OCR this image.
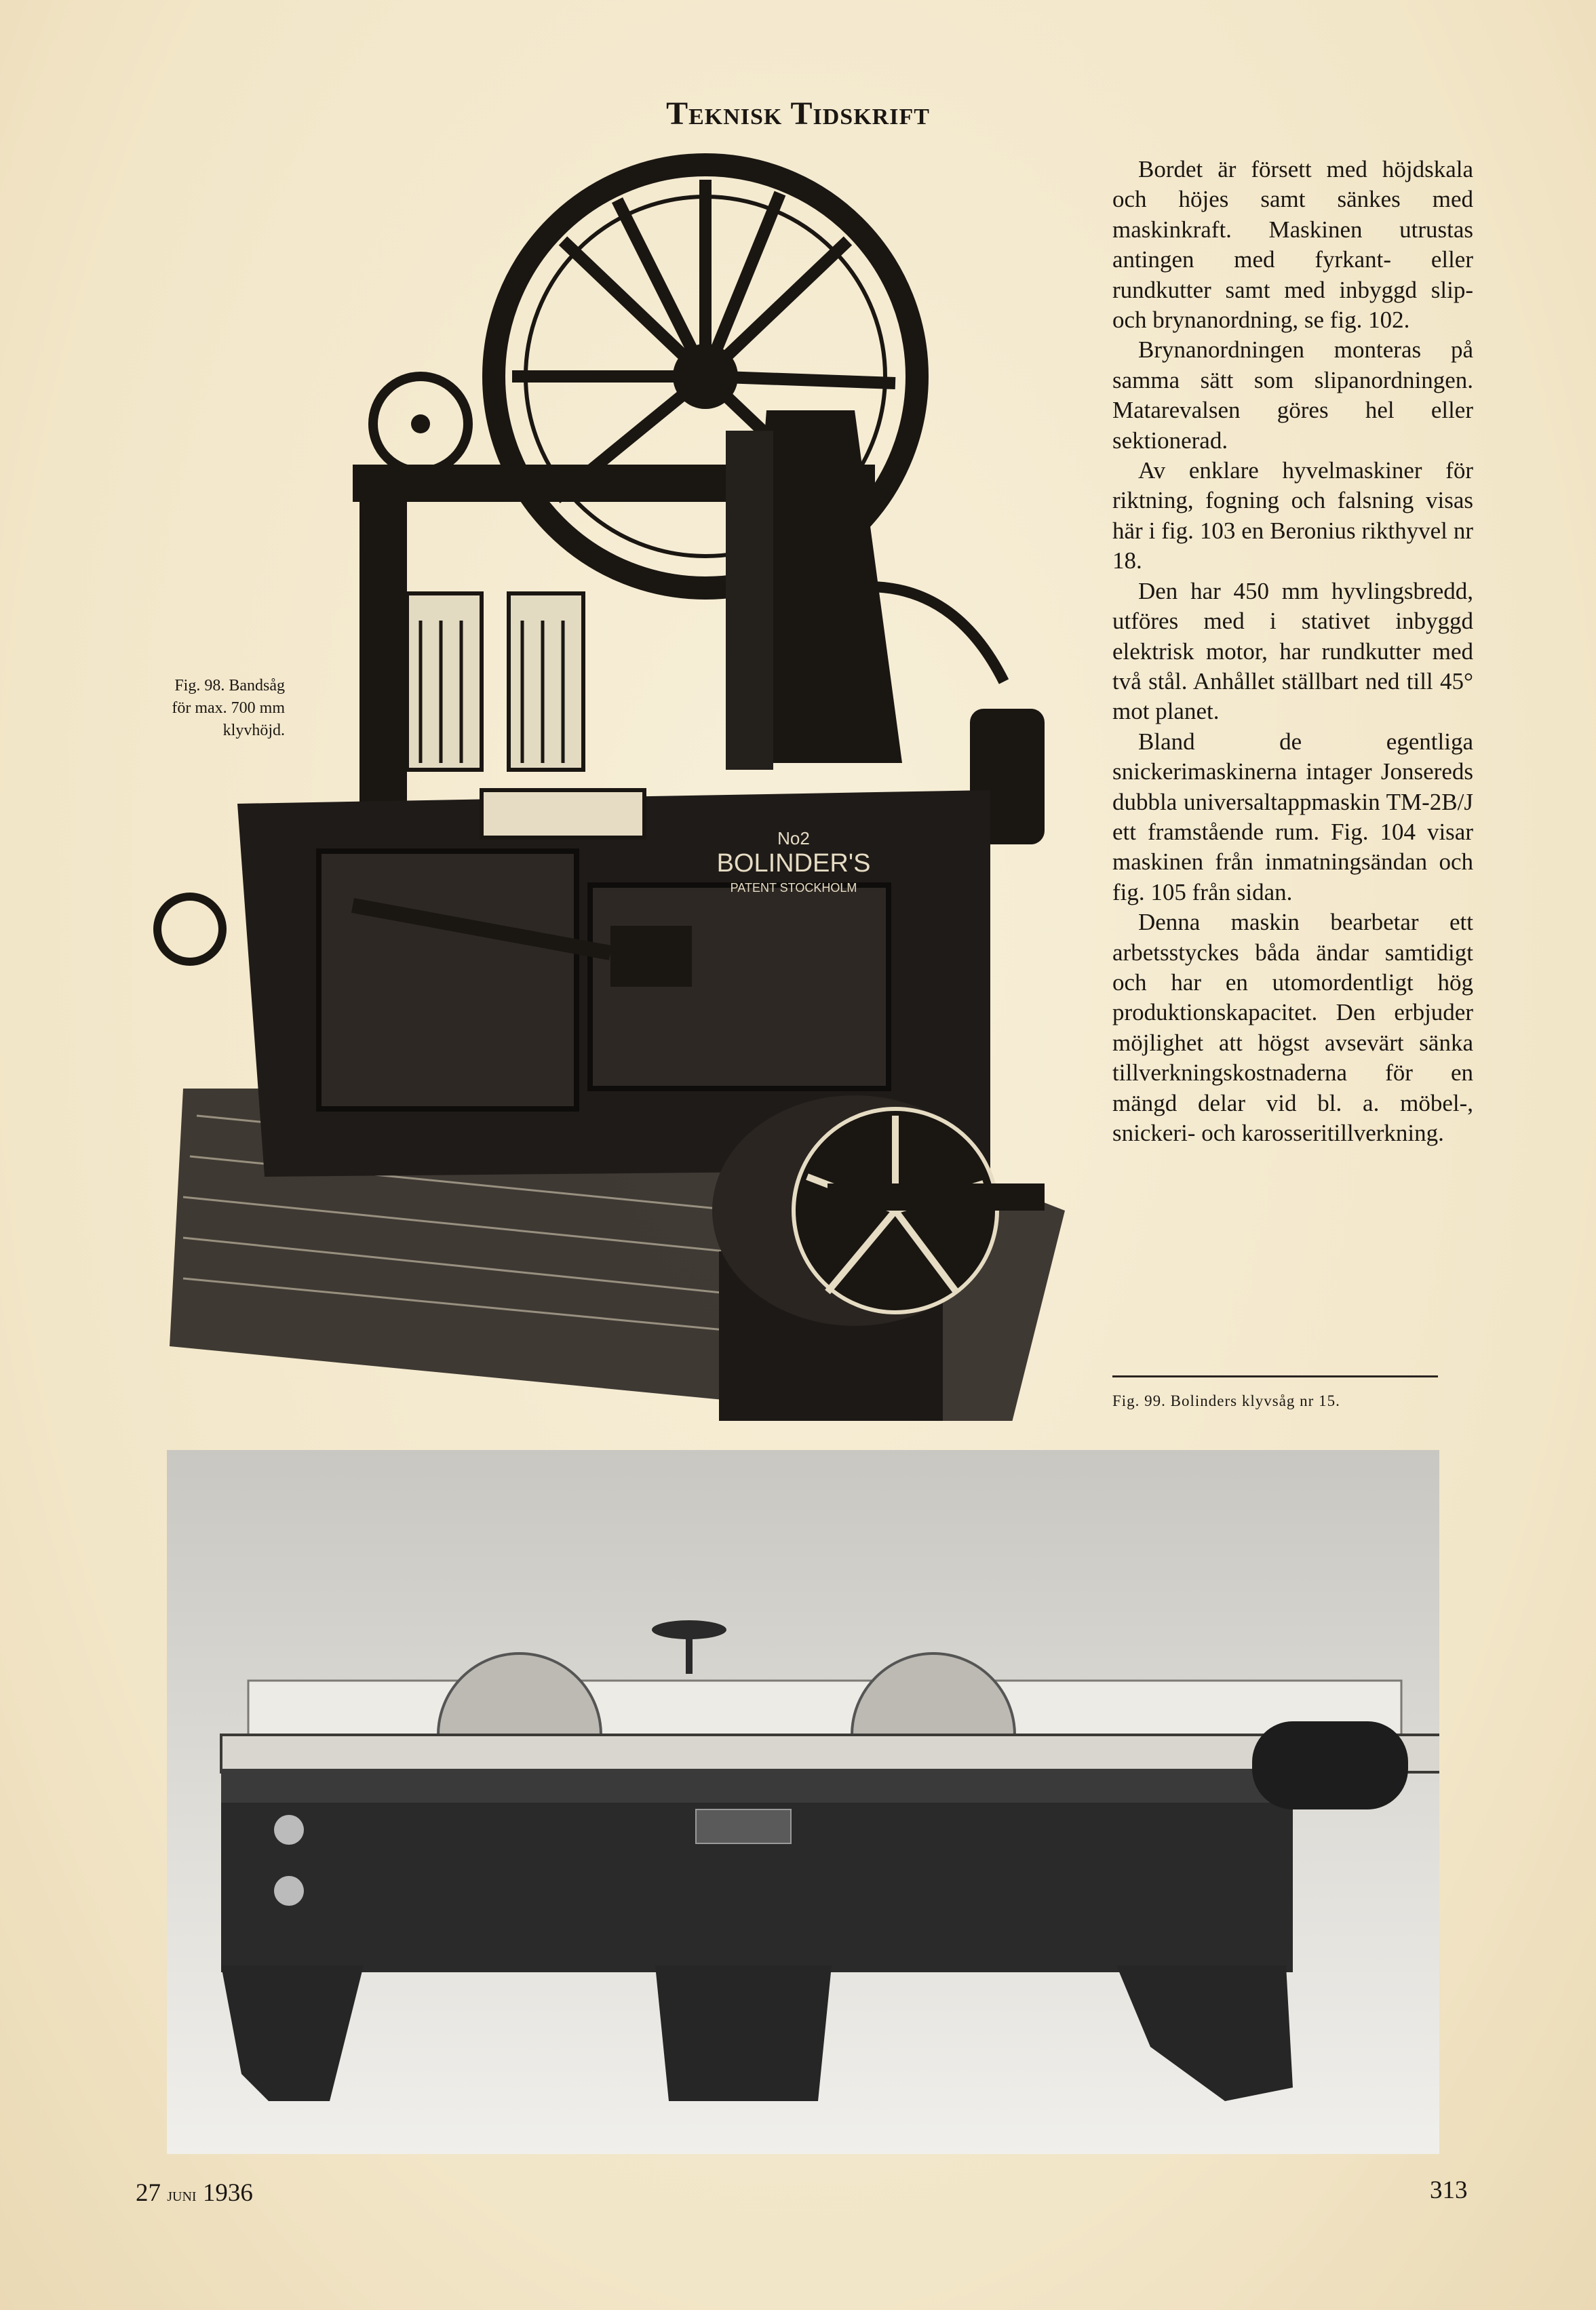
Teknisk Tidskrift
No2
BOLINDER'S
PATENT STOCKHOLM
Fig. 98. Bandsåg
för max. 700 mm
klyvhöjd.

Bordet är försett med höjdskala och höjes samt sänkes med maskinkraft. Maskinen utrustas antingen med fyrkant- eller rundkutter samt med inbyggd slip- och brynanordning, se fig. 102.

Brynanordningen monteras på samma sätt som slipanordningen. Matarevalsen göres hel eller sektionerad.

Av enklare hyvelmaskiner för riktning, fogning och falsning visas här i fig. 103 en Beronius rikthyvel nr 18.

Den har 450 mm hyvlingsbredd, utföres med i stativet inbyggd elektrisk motor, har rundkutter med två stål. Anhållet ställbart ned till 45° mot planet.

Bland de egentliga snickerimaskinerna intager Jonsereds dubbla universaltappmaskin TM-2B/J ett framstående rum. Fig. 104 visar maskinen från inmatningsändan och fig. 105 från sidan.

Denna maskin bearbetar ett arbetsstyckes båda ändar samtidigt och har en utomordentligt hög produktionskapacitet. Den erbjuder möjlighet att högst avsevärt sänka tillverkningskostnaderna för en mängd delar vid bl. a. möbel-, snickeri- och karosseritillverkning.

Fig. 99. Bolinders klyvsåg nr 15.
27 juni 1936	313
